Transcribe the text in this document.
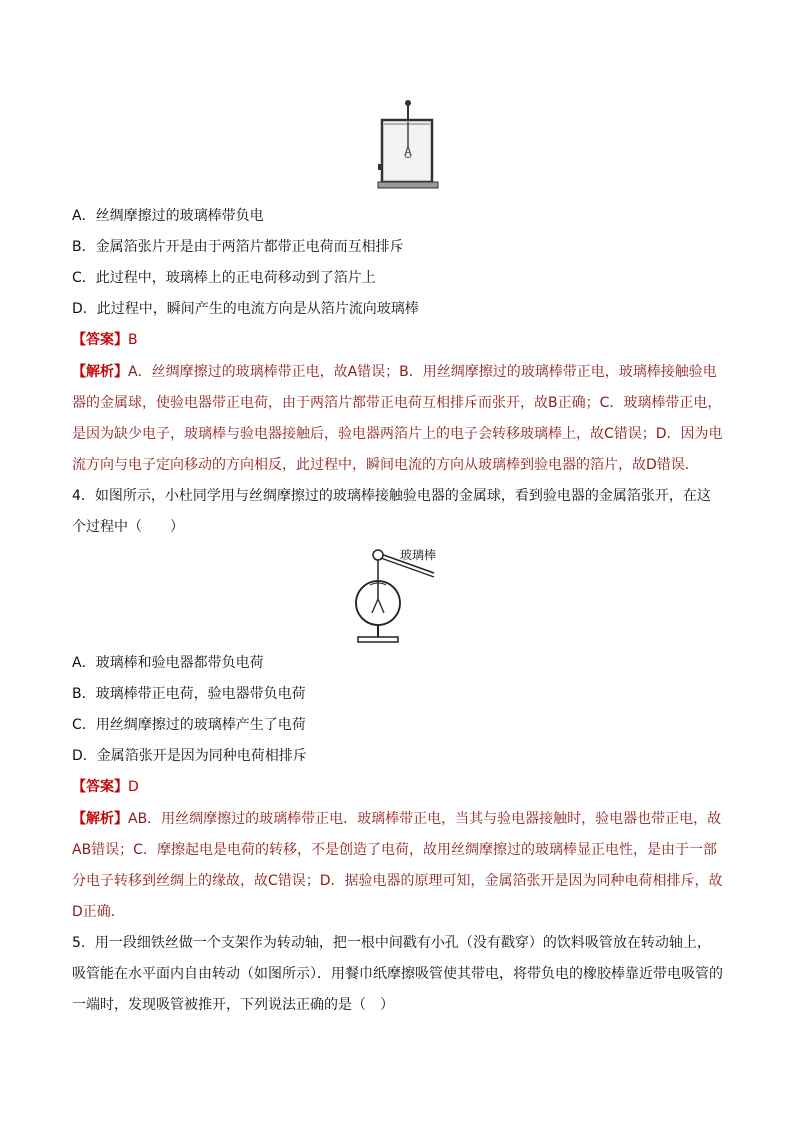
A．丝绸摩擦过的玻璃棒带负电
B．金属箔张片开是由于两箔片都带正电荷而互相排斥
C．此过程中，玻璃棒上的正电荷移动到了箔片上
D．此过程中，瞬间产生的电流方向是从箔片流向玻璃棒
【答案】B
【解析】A．丝绸摩擦过的玻璃棒带正电，故A错误；B．用丝绸摩擦过的玻璃棒带正电，玻璃棒接触验电器的金属球，使验电器带正电荷，由于两箔片都带正电荷互相排斥而张开，故B正确；C．玻璃棒带正电，是因为缺少电子，玻璃棒与验电器接触后，验电器两箔片上的电子会转移玻璃棒上，故C错误；D．因为电流方向与电子定向移动的方向相反，此过程中，瞬间电流的方向从玻璃棒到验电器的箔片，故D错误．
4．如图所示，小杜同学用与丝绸摩擦过的玻璃棒接触验电器的金属球，看到验电器的金属箔张开，在这个过程中（　　）
玻璃棒
A．玻璃棒和验电器都带负电荷
B．玻璃棒带正电荷，验电器带负电荷
C．用丝绸摩擦过的玻璃棒产生了电荷
D．金属箔张开是因为同种电荷相排斥
【答案】D
【解析】AB．用丝绸摩擦过的玻璃棒带正电．玻璃棒带正电，当其与验电器接触时，验电器也带正电，故AB错误；C．摩擦起电是电荷的转移，不是创造了电荷，故用丝绸摩擦过的玻璃棒显正电性，是由于一部分电子转移到丝绸上的缘故，故C错误；D．据验电器的原理可知，金属箔张开是因为同种电荷相排斥，故D正确．
5．用一段细铁丝做一个支架作为转动轴，把一根中间戳有小孔（没有戳穿）的饮料吸管放在转动轴上，吸管能在水平面内自由转动（如图所示）．用餐巾纸摩擦吸管使其带电，将带负电的橡胶棒靠近带电吸管的一端时，发现吸管被推开，下列说法正确的是（　）
